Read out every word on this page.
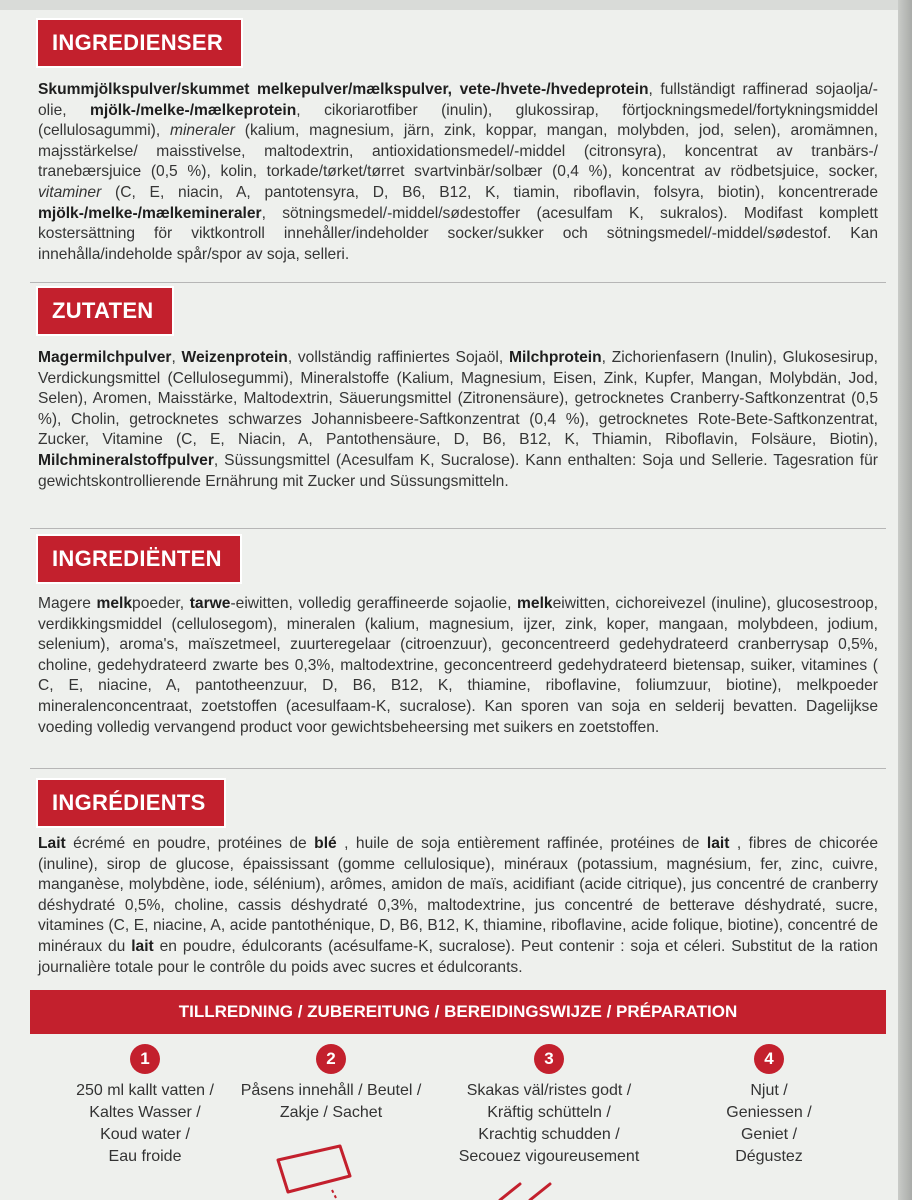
INGREDIENSER
Skummjölkspulver/skummet melkepulver/mælkspulver, vete-/hvete-/hvedeprotein, fullständigt raffinerad sojaolja/-olie, mjölk-/melke-/mælkeprotein, cikoriarotfiber (inulin), glukossirap, förtjockningsmedel/fortykningsmiddel (cellulosagummi), mineraler (kalium, magnesium, järn, zink, koppar, mangan, molybden, jod, selen), aromämnen, majsstärkelse/ maisstivelse, maltodextrin, antioxidationsmedel/-middel (citronsyra), koncentrat av tranbärs-/ tranebærsjuice (0,5 %), kolin, torkade/tørket/tørret svartvinbär/solbær (0,4 %), koncentrat av rödbetsjuice, socker, vitaminer (C, E, niacin, A, pantotensyra, D, B6, B12, K, tiamin, riboflavin, folsyra, biotin), koncentrerade mjölk-/melke-/mælkemineraler, sötningsmedel/-middel/sødestoffer (acesulfam K, sukralos). Modifast komplett kostersättning för viktkontroll innehåller/indeholder socker/sukker och sötningsmedel/-middel/sødestof. Kan innehålla/indeholde spår/spor av soja, selleri.
ZUTATEN
Magermilchpulver, Weizenprotein, vollständig raffiniertes Sojaöl, Milchprotein, Zichorienfasern (Inulin), Glukosesirup, Verdickungsmittel (Cellulosegummi), Mineralstoffe (Kalium, Magnesium, Eisen, Zink, Kupfer, Mangan, Molybdän, Jod, Selen), Aromen, Maisstärke, Maltodextrin, Säuerungsmittel (Zitronensäure), getrocknetes Cranberry-Saftkonzentrat (0,5 %), Cholin, getrocknetes schwarzes Johannisbeere-Saftkonzentrat (0,4 %), getrocknetes Rote-Bete-Saftkonzentrat, Zucker, Vitamine (C, E, Niacin, A, Pantothensäure, D, B6, B12, K, Thiamin, Riboflavin, Folsäure, Biotin), Milchmineralstoffpulver, Süssungsmittel (Acesulfam K, Sucralose). Kann enthalten: Soja und Sellerie. Tagesration für gewichtskontrollierende Ernährung mit Zucker und Süssungsmitteln.
INGREDIËNTEN
Magere melkpoeder, tarwe-eiwitten, volledig geraffineerde sojaolie, melkeiwitten, cichoreivezel (inuline), glucosestroop, verdikkingsmiddel (cellulosegom), mineralen (kalium, magnesium, ijzer, zink, koper, mangaan, molybdeen, jodium, selenium), aroma's, maïszetmeel, zuurteregelaar (citroenzuur), geconcentreerd gedehydrateerd cranberrysap 0,5%, choline, gedehydrateerd zwarte bes 0,3%, maltodextrine, geconcentreerd gedehydrateerd bietensap, suiker, vitamines ( C, E, niacine, A, pantotheenzuur, D, B6, B12, K, thiamine, riboflavine, foliumzuur, biotine), melkpoeder mineralenconcentraat, zoetstoffen (acesulfaam-K, sucralose). Kan sporen van soja en selderij bevatten. Dagelijkse voeding volledig vervangend product voor gewichtsbeheersing met suikers en zoetstoffen.
INGRÉDIENTS
Lait écrémé en poudre, protéines de blé , huile de soja entièrement raffinée, protéines de lait , fibres de chicorée (inuline), sirop de glucose, épaississant (gomme cellulosique), minéraux (potassium, magnésium, fer, zinc, cuivre, manganèse, molybdène, iode, sélénium), arômes, amidon de maïs, acidifiant (acide citrique), jus concentré de cranberry déshydraté 0,5%, choline, cassis déshydraté 0,3%, maltodextrine, jus concentré de betterave déshydraté, sucre, vitamines (C, E, niacine, A, acide pantothénique, D, B6, B12, K, thiamine, riboflavine, acide folique, biotine), concentré de minéraux du lait en poudre, édulcorants (acésulfame-K, sucralose). Peut contenir : soja et céleri. Substitut de la ration journalière totale pour le contrôle du poids avec sucres et édulcorants.
TILLREDNING / ZUBEREITUNG / BEREIDINGSWIJZE / PRÉPARATION
1
250 ml kallt vatten /
Kaltes Wasser /
Koud water /
Eau froide
2
Påsens innehåll / Beutel /
Zakje / Sachet
3
Skakas väl/ristes godt /
Kräftig schütteln /
Krachtig schudden /
Secouez vigoureusement
4
Njut /
Geniessen /
Geniet /
Dégustez
